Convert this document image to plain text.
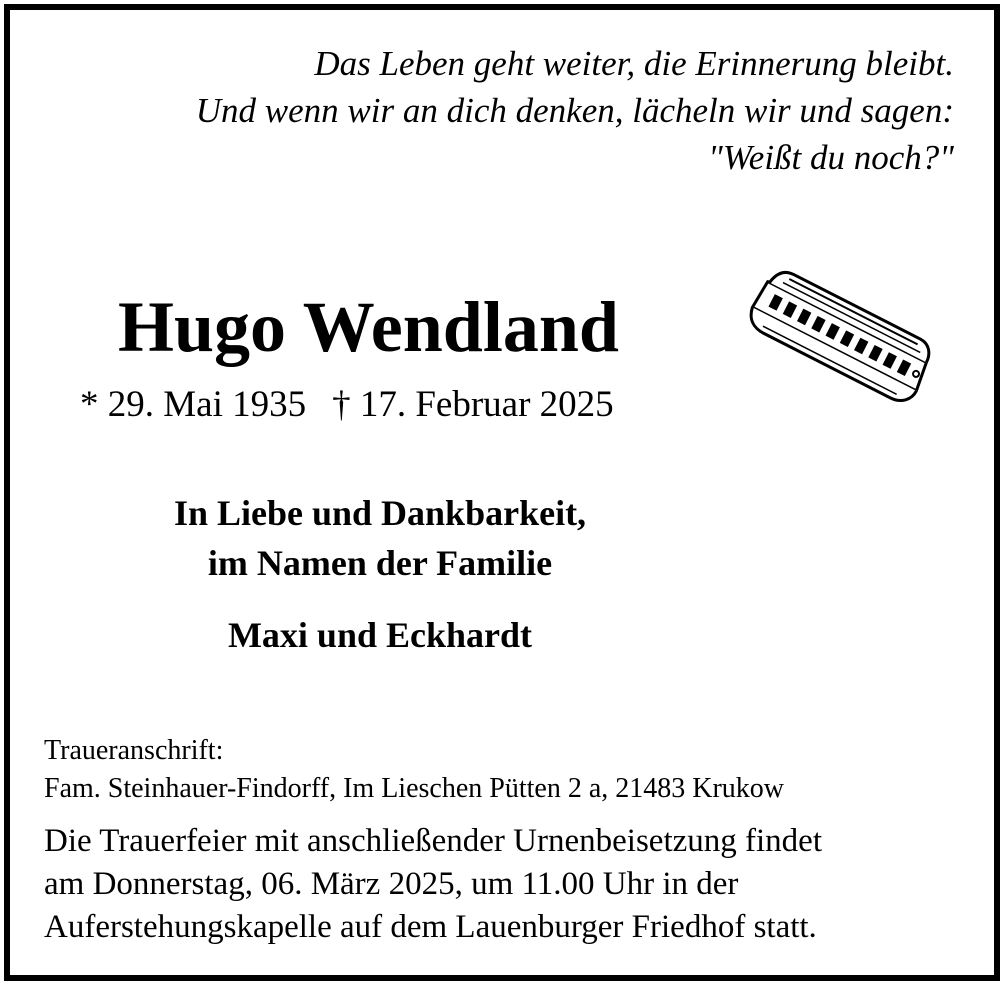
Das Leben geht weiter, die Erinnerung bleibt.
Und wenn wir an dich denken, lächeln wir und sagen:
"Weißt du noch?"
Hugo Wendland
* 29. Mai 1935 † 17. Februar 2025
In Liebe und Dankbarkeit,
im Namen der Familie
Maxi und Eckhardt
Traueranschrift:
Fam. Steinhauer-Findorff, Im Lieschen Pütten 2 a, 21483 Krukow
Die Trauerfeier mit anschließender Urnenbeisetzung findet
am Donnerstag, 06. März 2025, um 11.00 Uhr in der
Auferstehungskapelle auf dem Lauenburger Friedhof statt.
